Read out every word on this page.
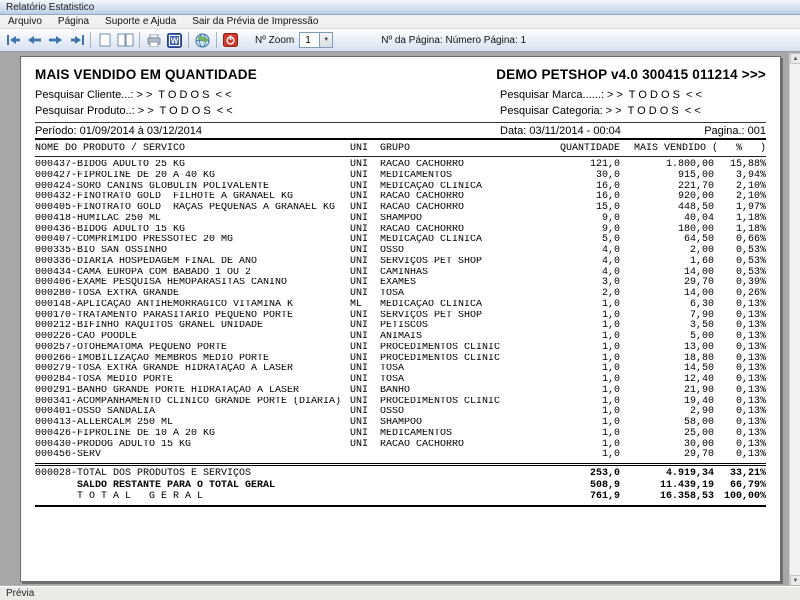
Relatório Estatistico
Arquivo	Página	Suporte e Ajuda	Sair da Prévia de Impressão
W	Nº Zoom 1	▼	Nº da Página: Número Página: 1
MAIS VENDIDO EM QUANTIDADE	DEMO PETSHOP v4.0 300415 011214 >>>
Pesquisar Cliente...: > >  T O D O S  < <	Pesquisar Marca......: > >  T O D O S  < <
Pesquisar Produto..: > >  T O D O S  < <	Pesquisar Categoria: > >  T O D O S  < <
Período: 01/09/2014 à 03/12/2014	Data: 03/11/2014 - 00:04	Pagina.: 001
NOME DO PRODUTO / SERVICO	UNI	GRUPO	QUANTIDADE	MAIS VENDIDO (   %   )
000437-BIDOG ADULTO 25 KG	UNI	RACAO CACHORRO	121,0	1.800,00	15,88%
000427-FIPROLINE DE 20 A 40 KG	UNI	MEDICAMENTOS	30,0	915,00	3,94%
000424-SORO CANINS GLOBULIN POLIVALENTE	UNI	MEDICAÇÃO CLÍNICA	16,0	221,70	2,10%
000432-FINOTRATO GOLD  FILHOTE A GRANAEL KG	UNI	RACAO CACHORRO	16,0	920,00	2,10%
000405-FINOTRATO GOLD  RAÇAS PEQUENAS A GRANAEL KG	UNI	RACAO CACHORRO	15,0	448,50	1,97%
000418-HUMILAC 250 ML	UNI	SHAMPOO	9,0	40,04	1,18%
000436-BIDOG ADULTO 15 KG	UNI	RACAO CACHORRO	9,0	180,00	1,18%
000407-COMPRIMIDO PRESSOTEC 20 MG	UNI	MEDICAÇÃO CLÍNICA	5,0	64,50	0,66%
000335-BIO SAN OSSINHO	UNI	OSSO	4,0	2,00	0,53%
000336-DIARIA HOSPEDAGEM FINAL DE ANO	UNI	SERVIÇOS PET SHOP	4,0	1,60	0,53%
000434-CAMA EUROPA COM BABADO 1 OU 2	UNI	CAMINHAS	4,0	14,00	0,53%
000406-EXAME PESQUISA HEMOPARASITAS CANINO	UNI	EXAMES	3,0	29,70	0,39%
000280-TOSA EXTRA GRANDE	UNI	TOSA	2,0	14,00	0,26%
000148-APLICAÇÃO ANTIHEMORRAGICO VITAMINA K	ML	MEDICAÇÃO CLÍNICA	1,0	6,30	0,13%
000170-TRATAMENTO PARASITÁRIO PEQUENO PORTE	UNI	SERVIÇOS PET SHOP	1,0	7,90	0,13%
000212-BIFINHO RAQUITOS GRANEL UNIDADE	UNI	PETISCOS	1,0	3,50	0,13%
000226-CÃO POODLE	UNI	ANIMAIS	1,0	5,00	0,13%
000257-OTOHEMATOMA PEQUENO PORTE	UNI	PROCEDIMENTOS CLÍNIC	1,0	13,00	0,13%
000266-IMOBILIZAÇÃO MEMBROS MEDIO PORTE	UNI	PROCEDIMENTOS CLÍNIC	1,0	18,80	0,13%
000279-TOSA EXTRA GRANDE HIDRATAÇÃO A LASER	UNI	TOSA	1,0	14,50	0,13%
000284-TOSA MÉDIO PORTE	UNI	TOSA	1,0	12,40	0,13%
000291-BANHO GRANDE PORTE HIDRATAÇÃO A LASER	UNI	BANHO	1,0	21,90	0,13%
000341-ACOMPANHAMENTO CLÍNICO GRANDE PORTE (DIÁRIA) UNI	PROCEDIMENTOS CLÍNIC	1,0	19,40	0,13%
000401-OSSO SANDALIA	UNI	OSSO	1,0	2,90	0,13%
000413-ALLERCALM 250 ML	UNI	SHAMPOO	1,0	58,00	0,13%
000426-FIPROLINE DE 10 A 20 KG	UNI	MEDICAMENTOS	1,0	25,00	0,13%
000430-PRODOG ADULTO 15 KG	UNI	RACAO CACHORRO	1,0	30,00	0,13%
000456-SERV	1,0	29,70	0,13%
000028-TOTAL DOS PRODUTOS E SERVIÇOS	253,0	4.919,34	33,21%
SALDO RESTANTE PARA O TOTAL GERAL	508,9	11.439,19	66,79%
T O T A L   G E R A L	761,9	16.358,53 100,00%
▲
▼
Prévia
